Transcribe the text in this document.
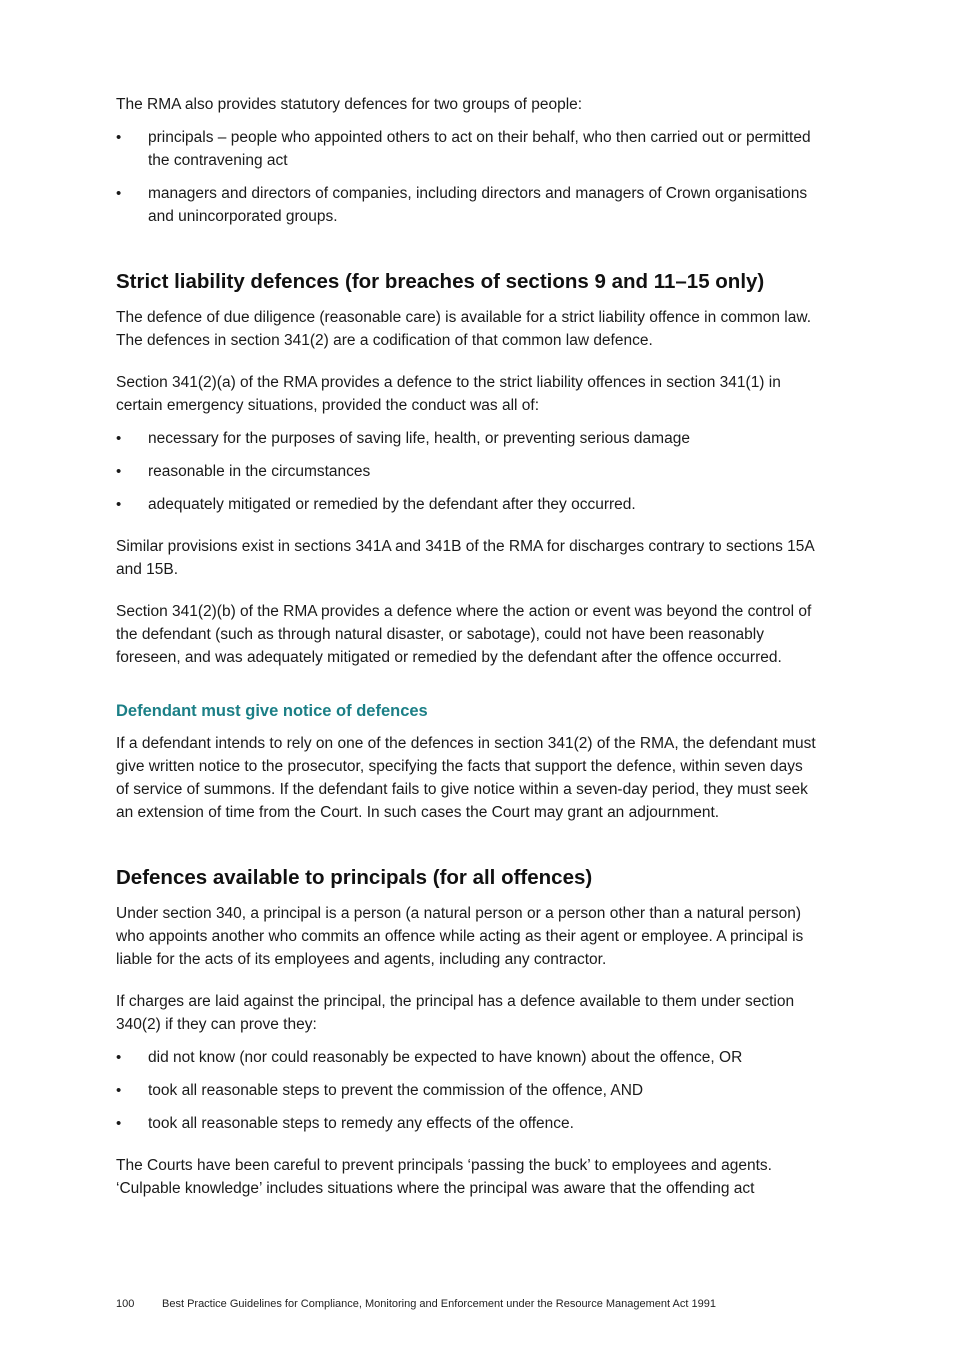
The RMA also provides statutory defences for two groups of people:

•	principals – people who appointed others to act on their behalf, who then carried out or permitted the contravening act
•	managers and directors of companies, including directors and managers of Crown organisations and unincorporated groups.
Strict liability defences (for breaches of sections 9 and 11–15 only)

The defence of due diligence (reasonable care) is available for a strict liability offence in common law. The defences in section 341(2) are a codification of that common law defence.

Section 341(2)(a) of the RMA provides a defence to the strict liability offences in section 341(1) in certain emergency situations, provided the conduct was all of:

•	necessary for the purposes of saving life, health, or preventing serious damage
•	reasonable in the circumstances
•	adequately mitigated or remedied by the defendant after they occurred.

Similar provisions exist in sections 341A and 341B of the RMA for discharges contrary to sections 15A and 15B.

Section 341(2)(b) of the RMA provides a defence where the action or event was beyond the control of the defendant (such as through natural disaster, or sabotage), could not have been reasonably foreseen, and was adequately mitigated or remedied by the defendant after the offence occurred.

Defendant must give notice of defences

If a defendant intends to rely on one of the defences in section 341(2) of the RMA, the defendant must give written notice to the prosecutor, specifying the facts that support the defence, within seven days of service of summons. If the defendant fails to give notice within a seven-day period, they must seek an extension of time from the Court. In such cases the Court may grant an adjournment.

Defences available to principals (for all offences)

Under section 340, a principal is a person (a natural person or a person other than a natural person) who appoints another who commits an offence while acting as their agent or employee. A principal is liable for the acts of its employees and agents, including any contractor.

If charges are laid against the principal, the principal has a defence available to them under section 340(2) if they can prove they:

•	did not know (nor could reasonably be expected to have known) about the offence, OR
•	took all reasonable steps to prevent the commission of the offence, AND
•	took all reasonable steps to remedy any effects of the offence.

The Courts have been careful to prevent principals ‘passing the buck’ to employees and agents. ‘Culpable knowledge’ includes situations where the principal was aware that the offending act

100	Best Practice Guidelines for Compliance, Monitoring and Enforcement under the Resource Management Act 1991
